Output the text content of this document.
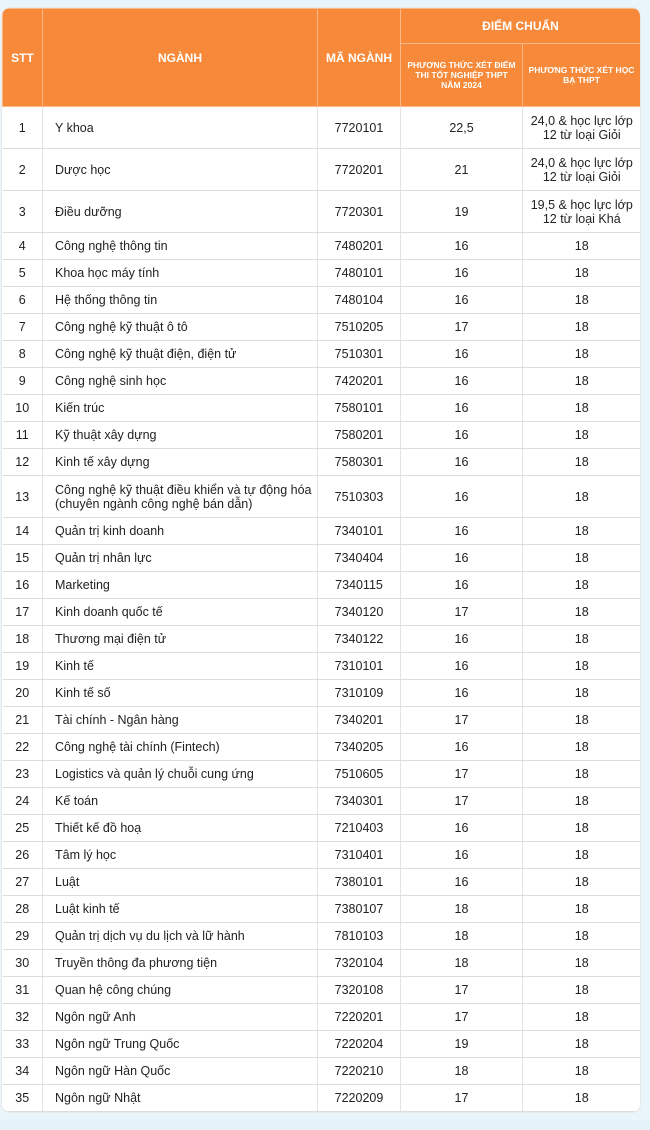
STT	NGÀNH	MÃ NGÀNH	ĐIỂM CHUẨN	
			PHƯƠNG THỨC XÉT ĐIỂM THI TỐT NGHIỆP THPT NĂM 2024	PHƯƠNG THỨC XÉT HỌC BẠ THPT
1	Y khoa	7720101	22,5	24,0 & học lực lớp 12 từ loại Giỏi
2	Dược học	7720201	21	24,0 & học lực lớp 12 từ loại Giỏi
3	Điều dưỡng	7720301	19	19,5 & học lực lớp 12 từ loại Khá
4	Công nghệ thông tin	7480201	16	18
5	Khoa học máy tính	7480101	16	18
6	Hệ thống thông tin	7480104	16	18
7	Công nghệ kỹ thuật ô tô	7510205	17	18
8	Công nghệ kỹ thuật điện, điện tử	7510301	16	18
9	Công nghệ sinh học	7420201	16	18
10	Kiến trúc	7580101	16	18
11	Kỹ thuật xây dựng	7580201	16	18
12	Kinh tế xây dựng	7580301	16	18
13	Công nghệ kỹ thuật điều khiển và tự động hóa (chuyên ngành công nghệ bán dẫn)	7510303	16	18
14	Quản trị kinh doanh	7340101	16	18
15	Quản trị nhân lực	7340404	16	18
16	Marketing	7340115	16	18
17	Kinh doanh quốc tế	7340120	17	18
18	Thương mại điện tử	7340122	16	18
19	Kinh tế	7310101	16	18
20	Kinh tế số	7310109	16	18
21	Tài chính - Ngân hàng	7340201	17	18
22	Công nghệ tài chính (Fintech)	7340205	16	18
23	Logistics và quản lý chuỗi cung ứng	7510605	17	18
24	Kế toán	7340301	17	18
25	Thiết kế đồ hoạ	7210403	16	18
26	Tâm lý học	7310401	16	18
27	Luật	7380101	16	18
28	Luật kinh tế	7380107	18	18
29	Quản trị dịch vụ du lịch và lữ hành	7810103	18	18
30	Truyền thông đa phương tiện	7320104	18	18
31	Quan hệ công chúng	7320108	17	18
32	Ngôn ngữ Anh	7220201	17	18
33	Ngôn ngữ Trung Quốc	7220204	19	18
34	Ngôn ngữ Hàn Quốc	7220210	18	18
35	Ngôn ngữ Nhật	7220209	17	18
